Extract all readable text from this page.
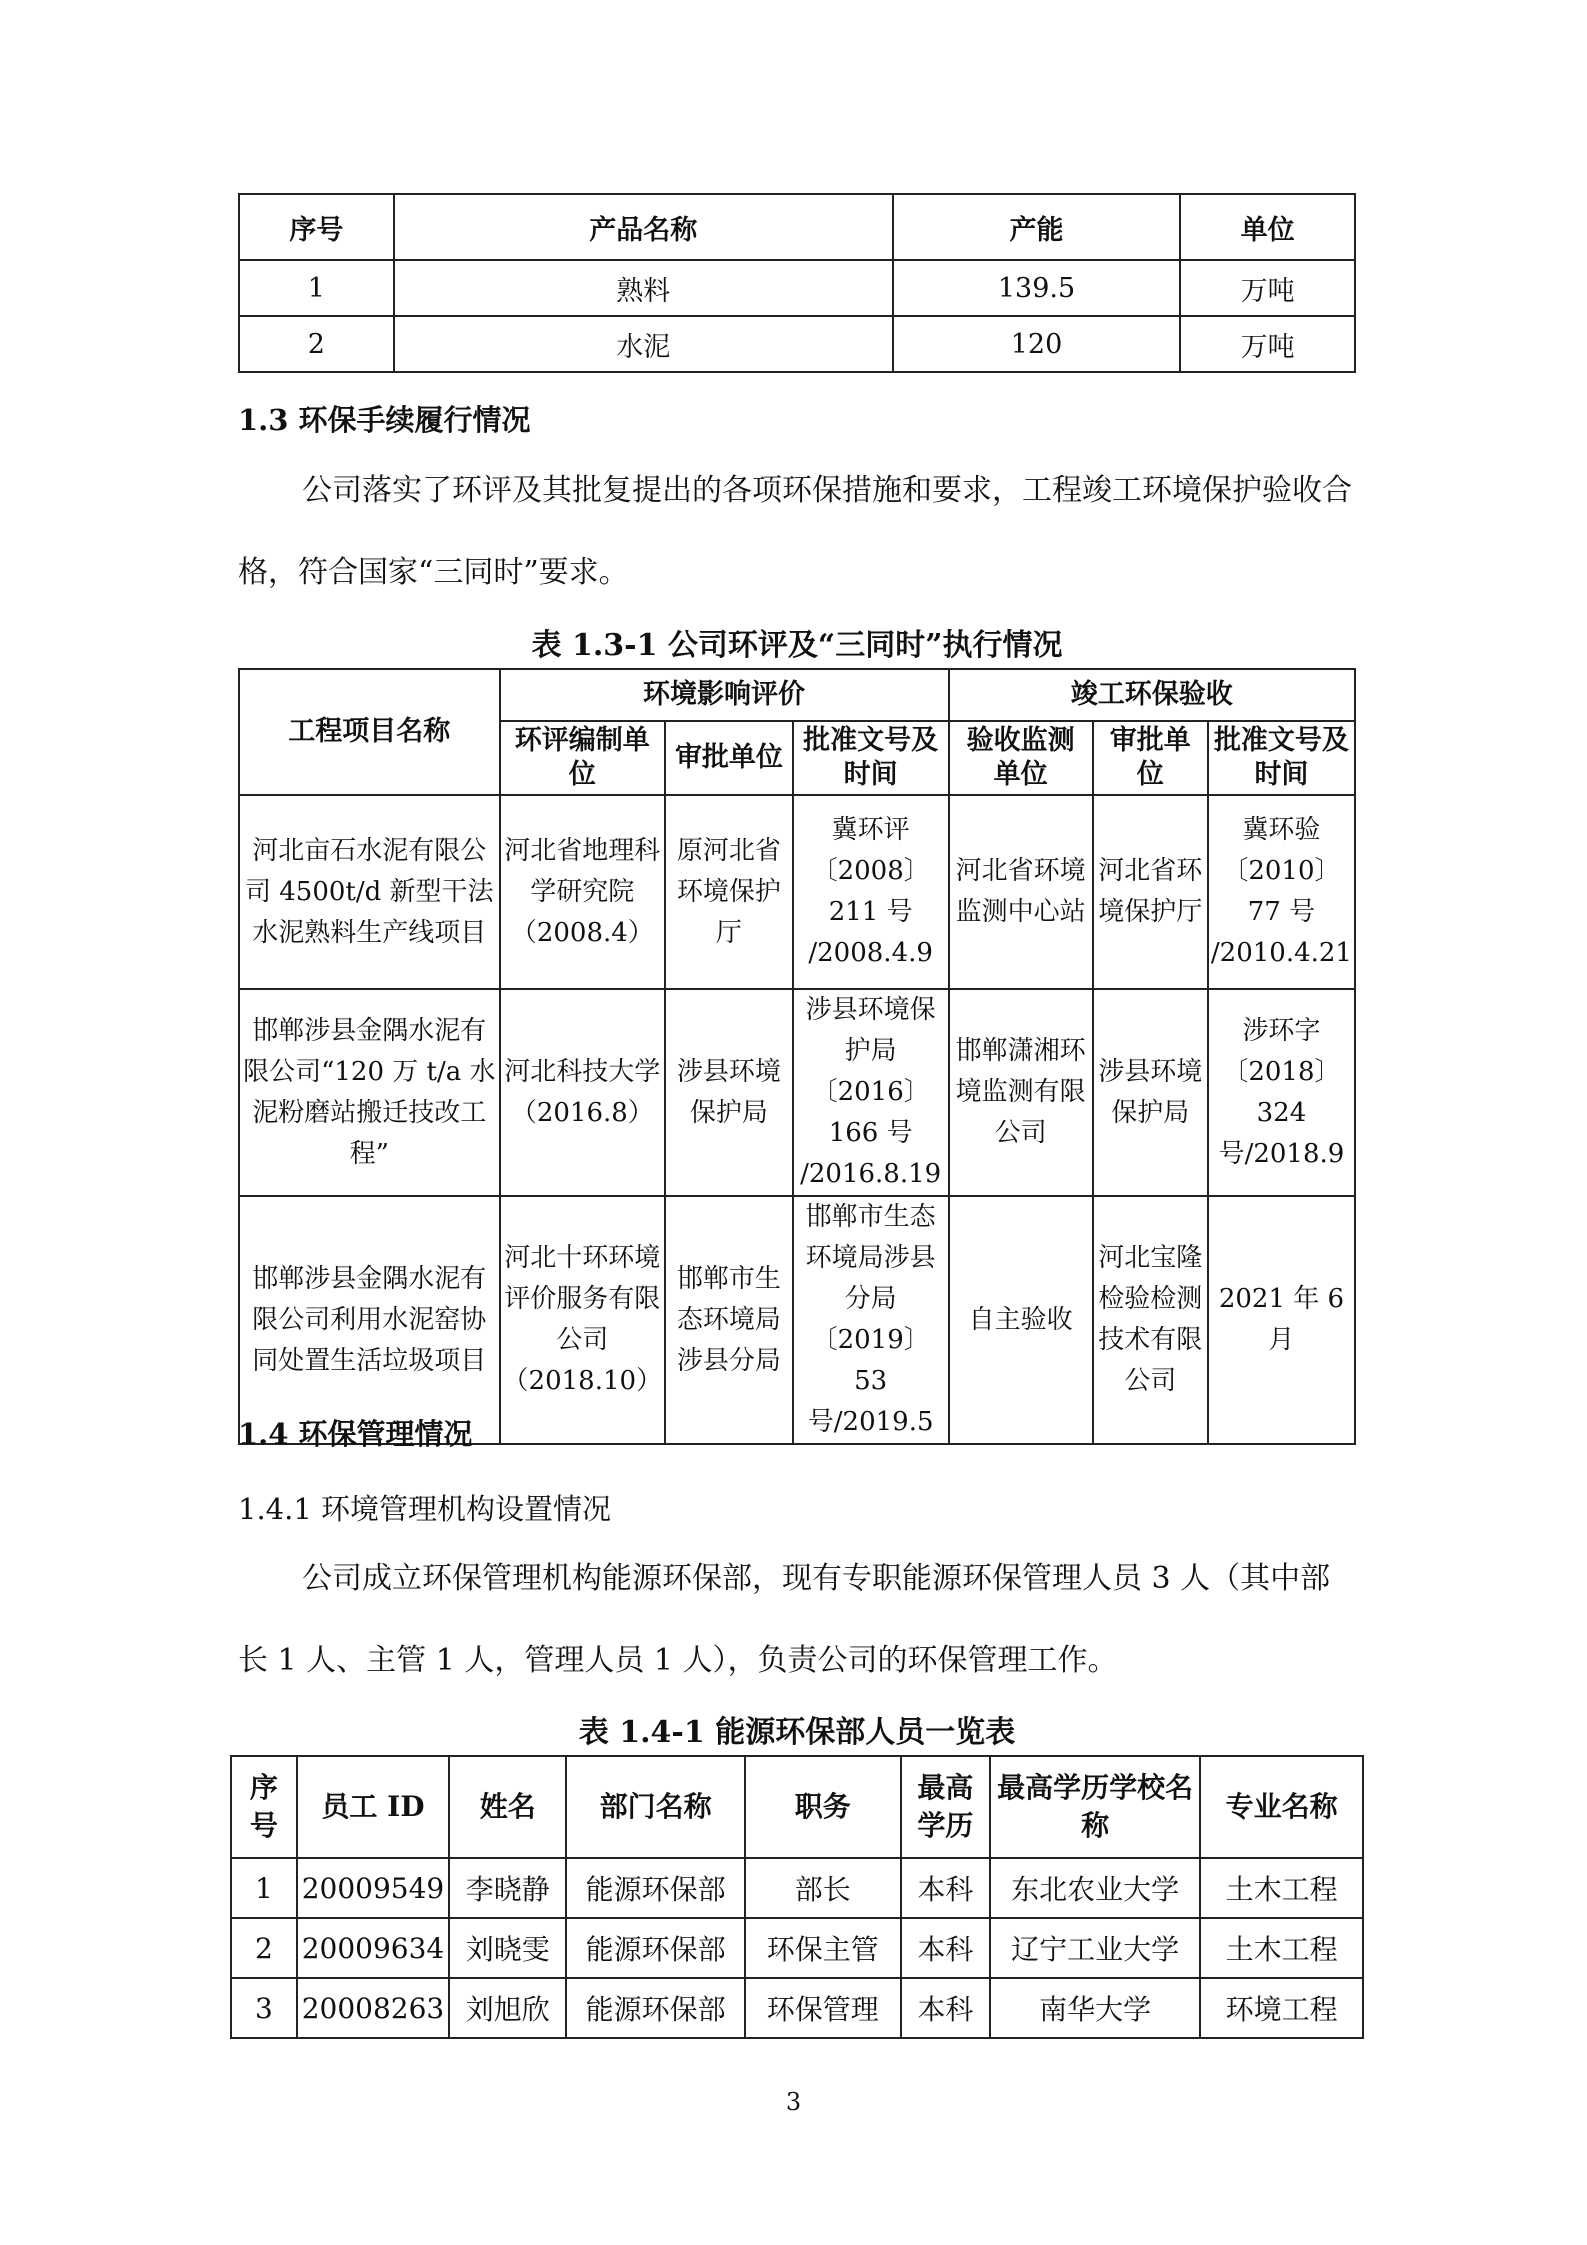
序号	产品名称	产能	单位
1	熟料	139.5	万吨
2	水泥	120	万吨
1.3 环保手续履行情况
公司落实了环评及其批复提出的各项环保措施和要求，工程竣工环境保护验收合格，符合国家“三同时”要求。
表 1.3-1 公司环评及“三同时”执行情况
工程项目名称	环境影响评价			竣工环保验收		
	环评编制单位	审批单位	批准文号及时间	验收监测单位	审批单位	批准文号及时间
河北亩石水泥有限公司 4500t/d 新型干法水泥熟料生产线项目	河北省地理科学研究院（2008.4）	原河北省环境保护厅	冀环评〔2008〕211 号 /2008.4.9	河北省环境监测中心站	河北省环境保护厅	冀环验〔2010〕77 号 /2010.4.21
邯郸涉县金隅水泥有限公司“120 万 t/a 水泥粉磨站搬迁技改工程”	河北科技大学（2016.8）	涉县环境保护局	涉县环境保护局〔2016〕166 号 /2016.8.19	邯郸潇湘环境监测有限公司	涉县环境保护局	涉环字〔2018〕324 号/2018.9
邯郸涉县金隅水泥有限公司利用水泥窑协同处置生活垃圾项目	河北十环环境评价服务有限公司（2018.10）	邯郸市生态环境局涉县分局	邯郸市生态环境局涉县分局〔2019〕53 号/2019.5	自主验收	河北宝隆检验检测技术有限公司	2021 年 6 月
1.4 环保管理情况
1.4.1 环境管理机构设置情况
公司成立环保管理机构能源环保部，现有专职能源环保管理人员 3 人（其中部长 1 人、主管 1 人，管理人员 1 人），负责公司的环保管理工作。
表 1.4-1 能源环保部人员一览表
序号	员工 ID	姓名	部门名称	职务	最高学历	最高学历学校名称	专业名称
1	20009549	李晓静	能源环保部	部长	本科	东北农业大学	土木工程
2	20009634	刘晓雯	能源环保部	环保主管	本科	辽宁工业大学	土木工程
3	20008263	刘旭欣	能源环保部	环保管理	本科	南华大学	环境工程
3
